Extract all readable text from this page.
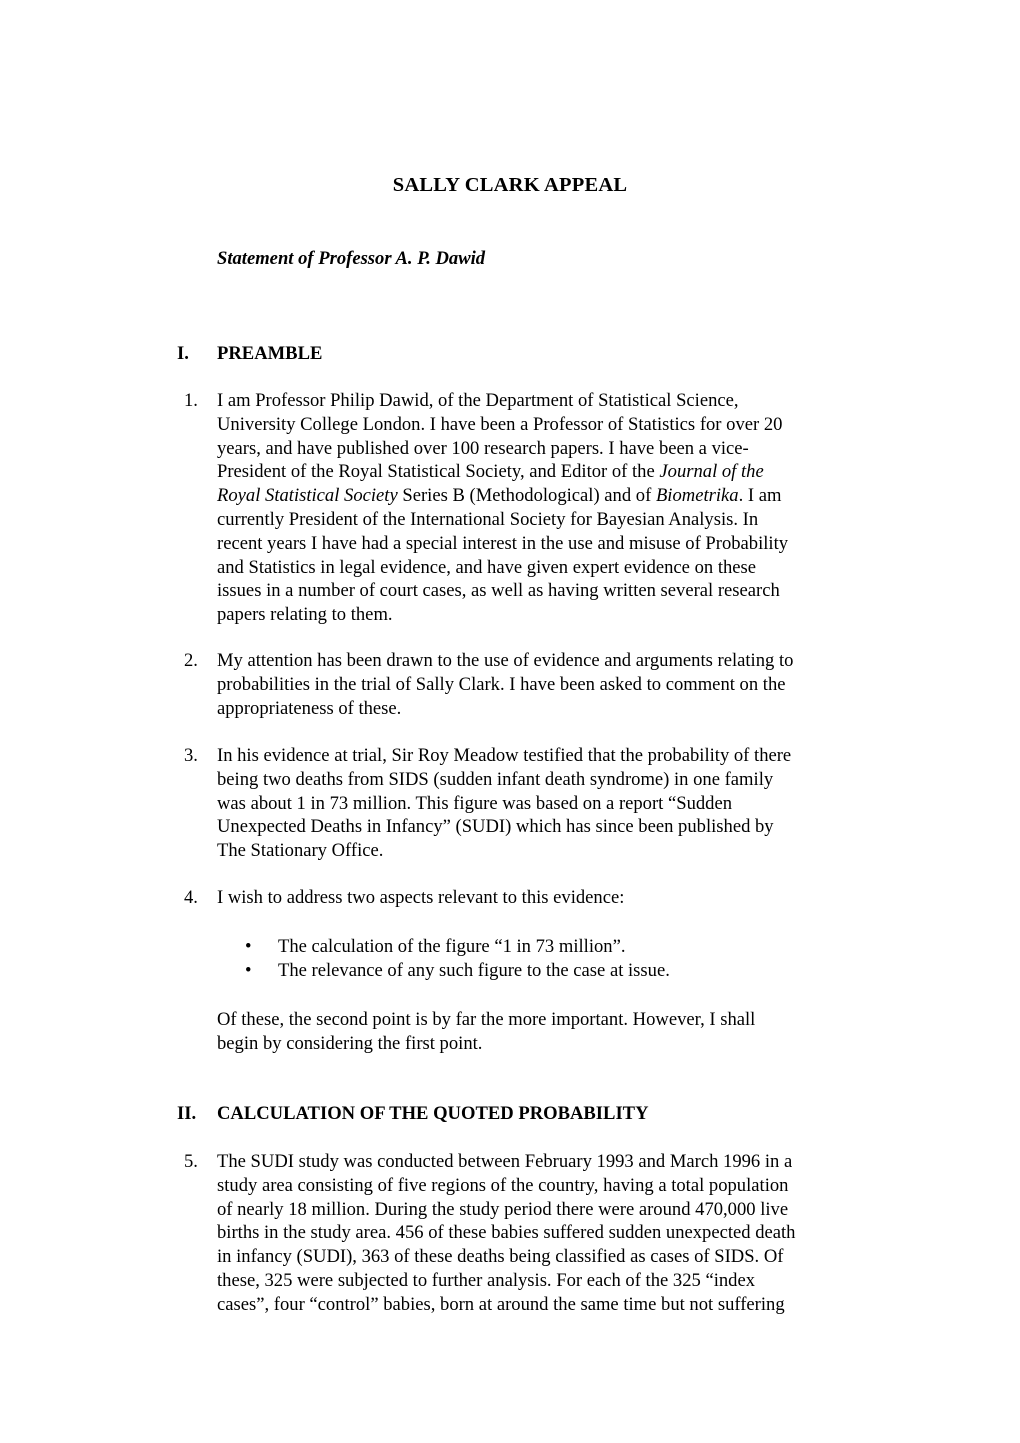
SALLY CLARK APPEAL
Statement of Professor A. P. Dawid
I. PREAMBLE
1. I am Professor Philip Dawid, of the Department of Statistical Science,
University College London. I have been a Professor of Statistics for over 20
years, and have published over 100 research papers. I have been a vice-
President of the Royal Statistical Society, and Editor of the Journal of the
Royal Statistical Society Series B (Methodological) and of Biometrika. I am
currently President of the International Society for Bayesian Analysis. In
recent years I have had a special interest in the use and misuse of Probability
and Statistics in legal evidence, and have given expert evidence on these
issues in a number of court cases, as well as having written several research
papers relating to them.
2. My attention has been drawn to the use of evidence and arguments relating to
probabilities in the trial of Sally Clark. I have been asked to comment on the
appropriateness of these.
3. In his evidence at trial, Sir Roy Meadow testified that the probability of there
being two deaths from SIDS (sudden infant death syndrome) in one family
was about 1 in 73 million. This figure was based on a report “Sudden
Unexpected Deaths in Infancy” (SUDI) which has since been published by
The Stationary Office.
4. I wish to address two aspects relevant to this evidence:
• The calculation of the figure “1 in 73 million”.
• The relevance of any such figure to the case at issue.
Of these, the second point is by far the more important. However, I shall
begin by considering the first point.
II. CALCULATION OF THE QUOTED PROBABILITY
5. The SUDI study was conducted between February 1993 and March 1996 in a
study area consisting of five regions of the country, having a total population
of nearly 18 million. During the study period there were around 470,000 live
births in the study area. 456 of these babies suffered sudden unexpected death
in infancy (SUDI), 363 of these deaths being classified as cases of SIDS. Of
these, 325 were subjected to further analysis. For each of the 325 “index
cases”, four “control” babies, born at around the same time but not suffering
